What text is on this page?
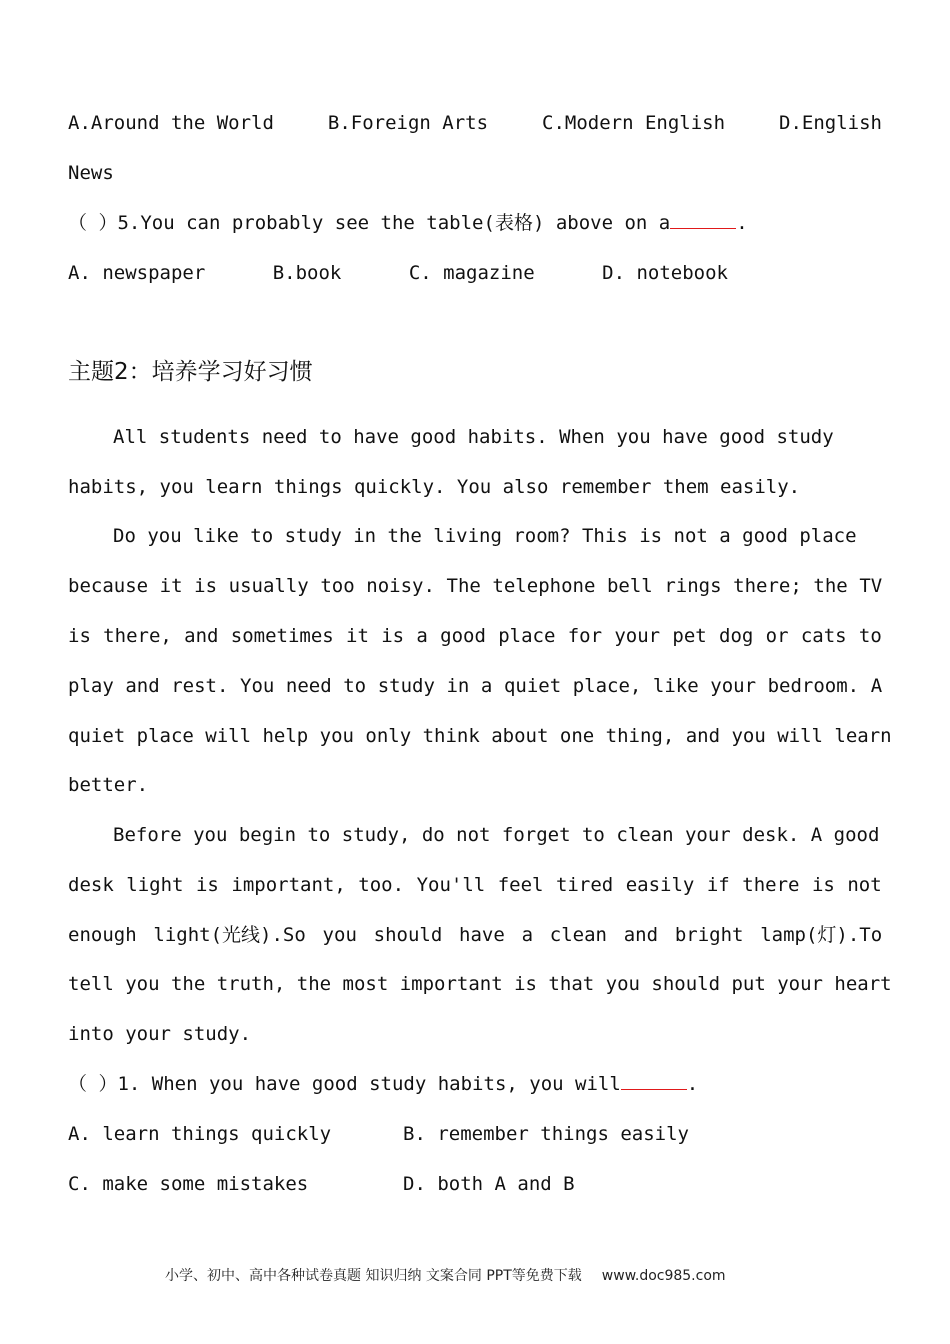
A.Around the World	B.Foreign Arts	C.Modern English	D.English
News
（ ）5.You can probably see the table(表格) above on a	.
A. newspaper	B.book	C. magazine	D. notebook
主题2：培养学习好习惯
All students need to have good habits. When you have good study
habits, you learn things quickly. You also remember them easily.
Do you like to study in the living room? This is not a good place
because it is usually too noisy. The telephone bell rings there; the TV
is there, and sometimes it is a good place for your pet dog or cats to
play and rest. You need to study in a quiet place, like your bedroom. A
quiet place will help you only think about one thing, and you will learn
better.
Before you begin to study, do not forget to clean your desk. A good
desk light is important, too. You'll feel tired easily if there is not
enough light(光线).So you should have a clean and bright lamp(灯).To
tell you the truth, the most important is that you should put your heart
into your study.
（ ）1. When you have good study habits, you will	.
A. learn things quickly	B. remember things easily
C. make some mistakes	D. both A and B
小学、初中、高中各种试卷真题 知识归纳 文案合同 PPT等免费下载 www.doc985.com
